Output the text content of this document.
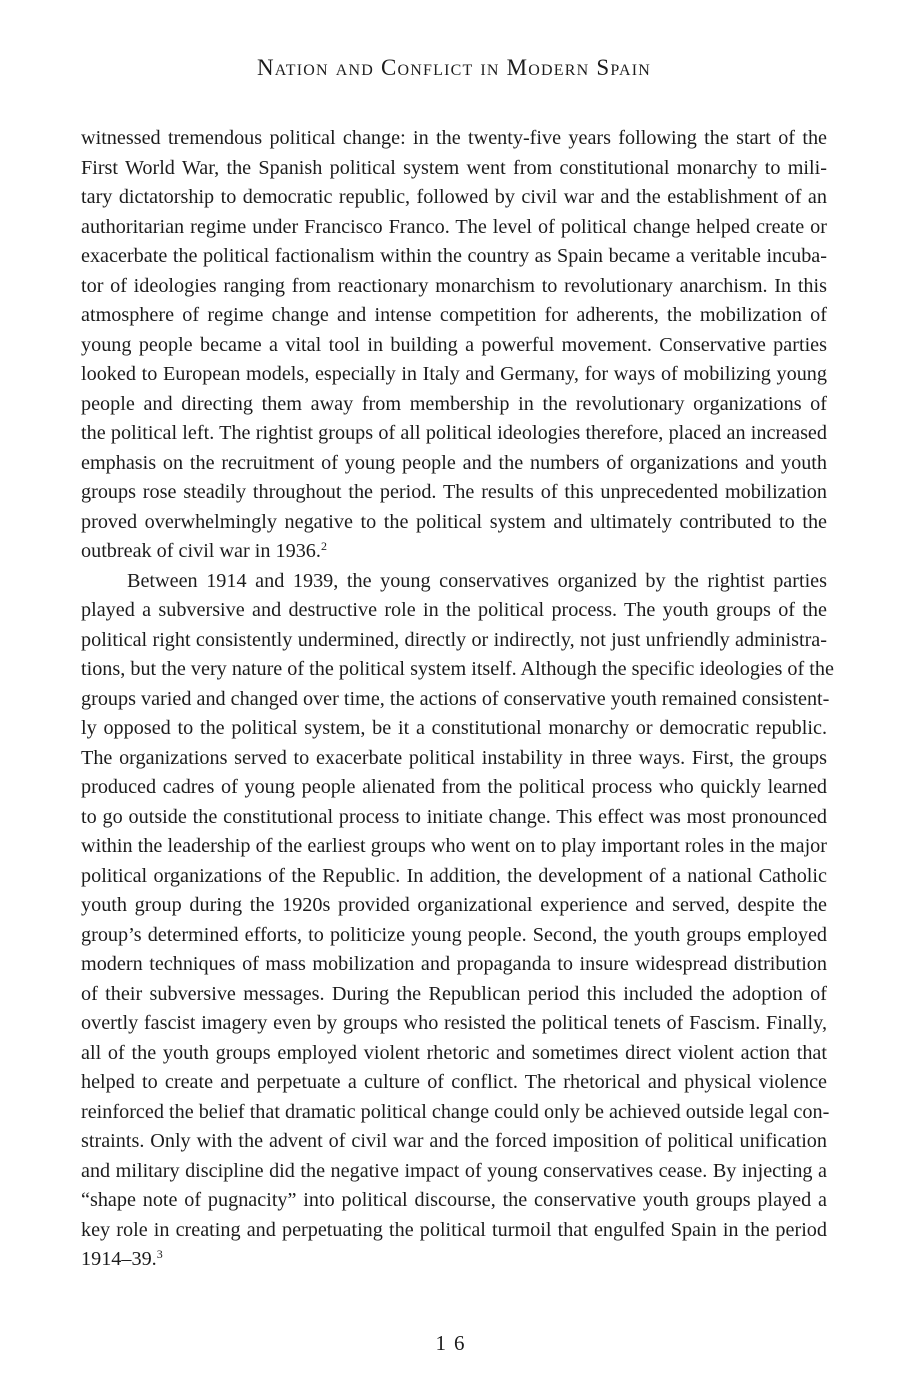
Nation and Conflict in Modern Spain
witnessed tremendous political change: in the twenty-five years following the start of the
First World War, the Spanish political system went from constitutional monarchy to mili-
tary dictatorship to democratic republic, followed by civil war and the establishment of an
authoritarian regime under Francisco Franco. The level of political change helped create or
exacerbate the political factionalism within the country as Spain became a veritable incuba-
tor of ideologies ranging from reactionary monarchism to revolutionary anarchism. In this
atmosphere of regime change and intense competition for adherents, the mobilization of
young people became a vital tool in building a powerful movement. Conservative parties
looked to European models, especially in Italy and Germany, for ways of mobilizing young
people and directing them away from membership in the revolutionary organizations of
the political left. The rightist groups of all political ideologies therefore, placed an increased
emphasis on the recruitment of young people and the numbers of organizations and youth
groups rose steadily throughout the period. The results of this unprecedented mobilization
proved overwhelmingly negative to the political system and ultimately contributed to the
outbreak of civil war in 1936.$^2$
Between 1914 and 1939, the young conservatives organized by the rightist parties
played a subversive and destructive role in the political process. The youth groups of the
political right consistently undermined, directly or indirectly, not just unfriendly administra-
tions, but the very nature of the political system itself. Although the specific ideologies of the
groups varied and changed over time, the actions of conservative youth remained consistent-
ly opposed to the political system, be it a constitutional monarchy or democratic republic.
The organizations served to exacerbate political instability in three ways. First, the groups
produced cadres of young people alienated from the political process who quickly learned
to go outside the constitutional process to initiate change. This effect was most pronounced
within the leadership of the earliest groups who went on to play important roles in the major
political organizations of the Republic. In addition, the development of a national Catholic
youth group during the 1920s provided organizational experience and served, despite the
group’s determined efforts, to politicize young people. Second, the youth groups employed
modern techniques of mass mobilization and propaganda to insure widespread distribution
of their subversive messages. During the Republican period this included the adoption of
overtly fascist imagery even by groups who resisted the political tenets of Fascism. Finally,
all of the youth groups employed violent rhetoric and sometimes direct violent action that
helped to create and perpetuate a culture of conflict. The rhetorical and physical violence
reinforced the belief that dramatic political change could only be achieved outside legal con-
straints. Only with the advent of civil war and the forced imposition of political unification
and military discipline did the negative impact of young conservatives cease. By injecting a
“shape note of pugnacity” into political discourse, the conservative youth groups played a
key role in creating and perpetuating the political turmoil that engulfed Spain in the period
1914–39.$^3$
16
